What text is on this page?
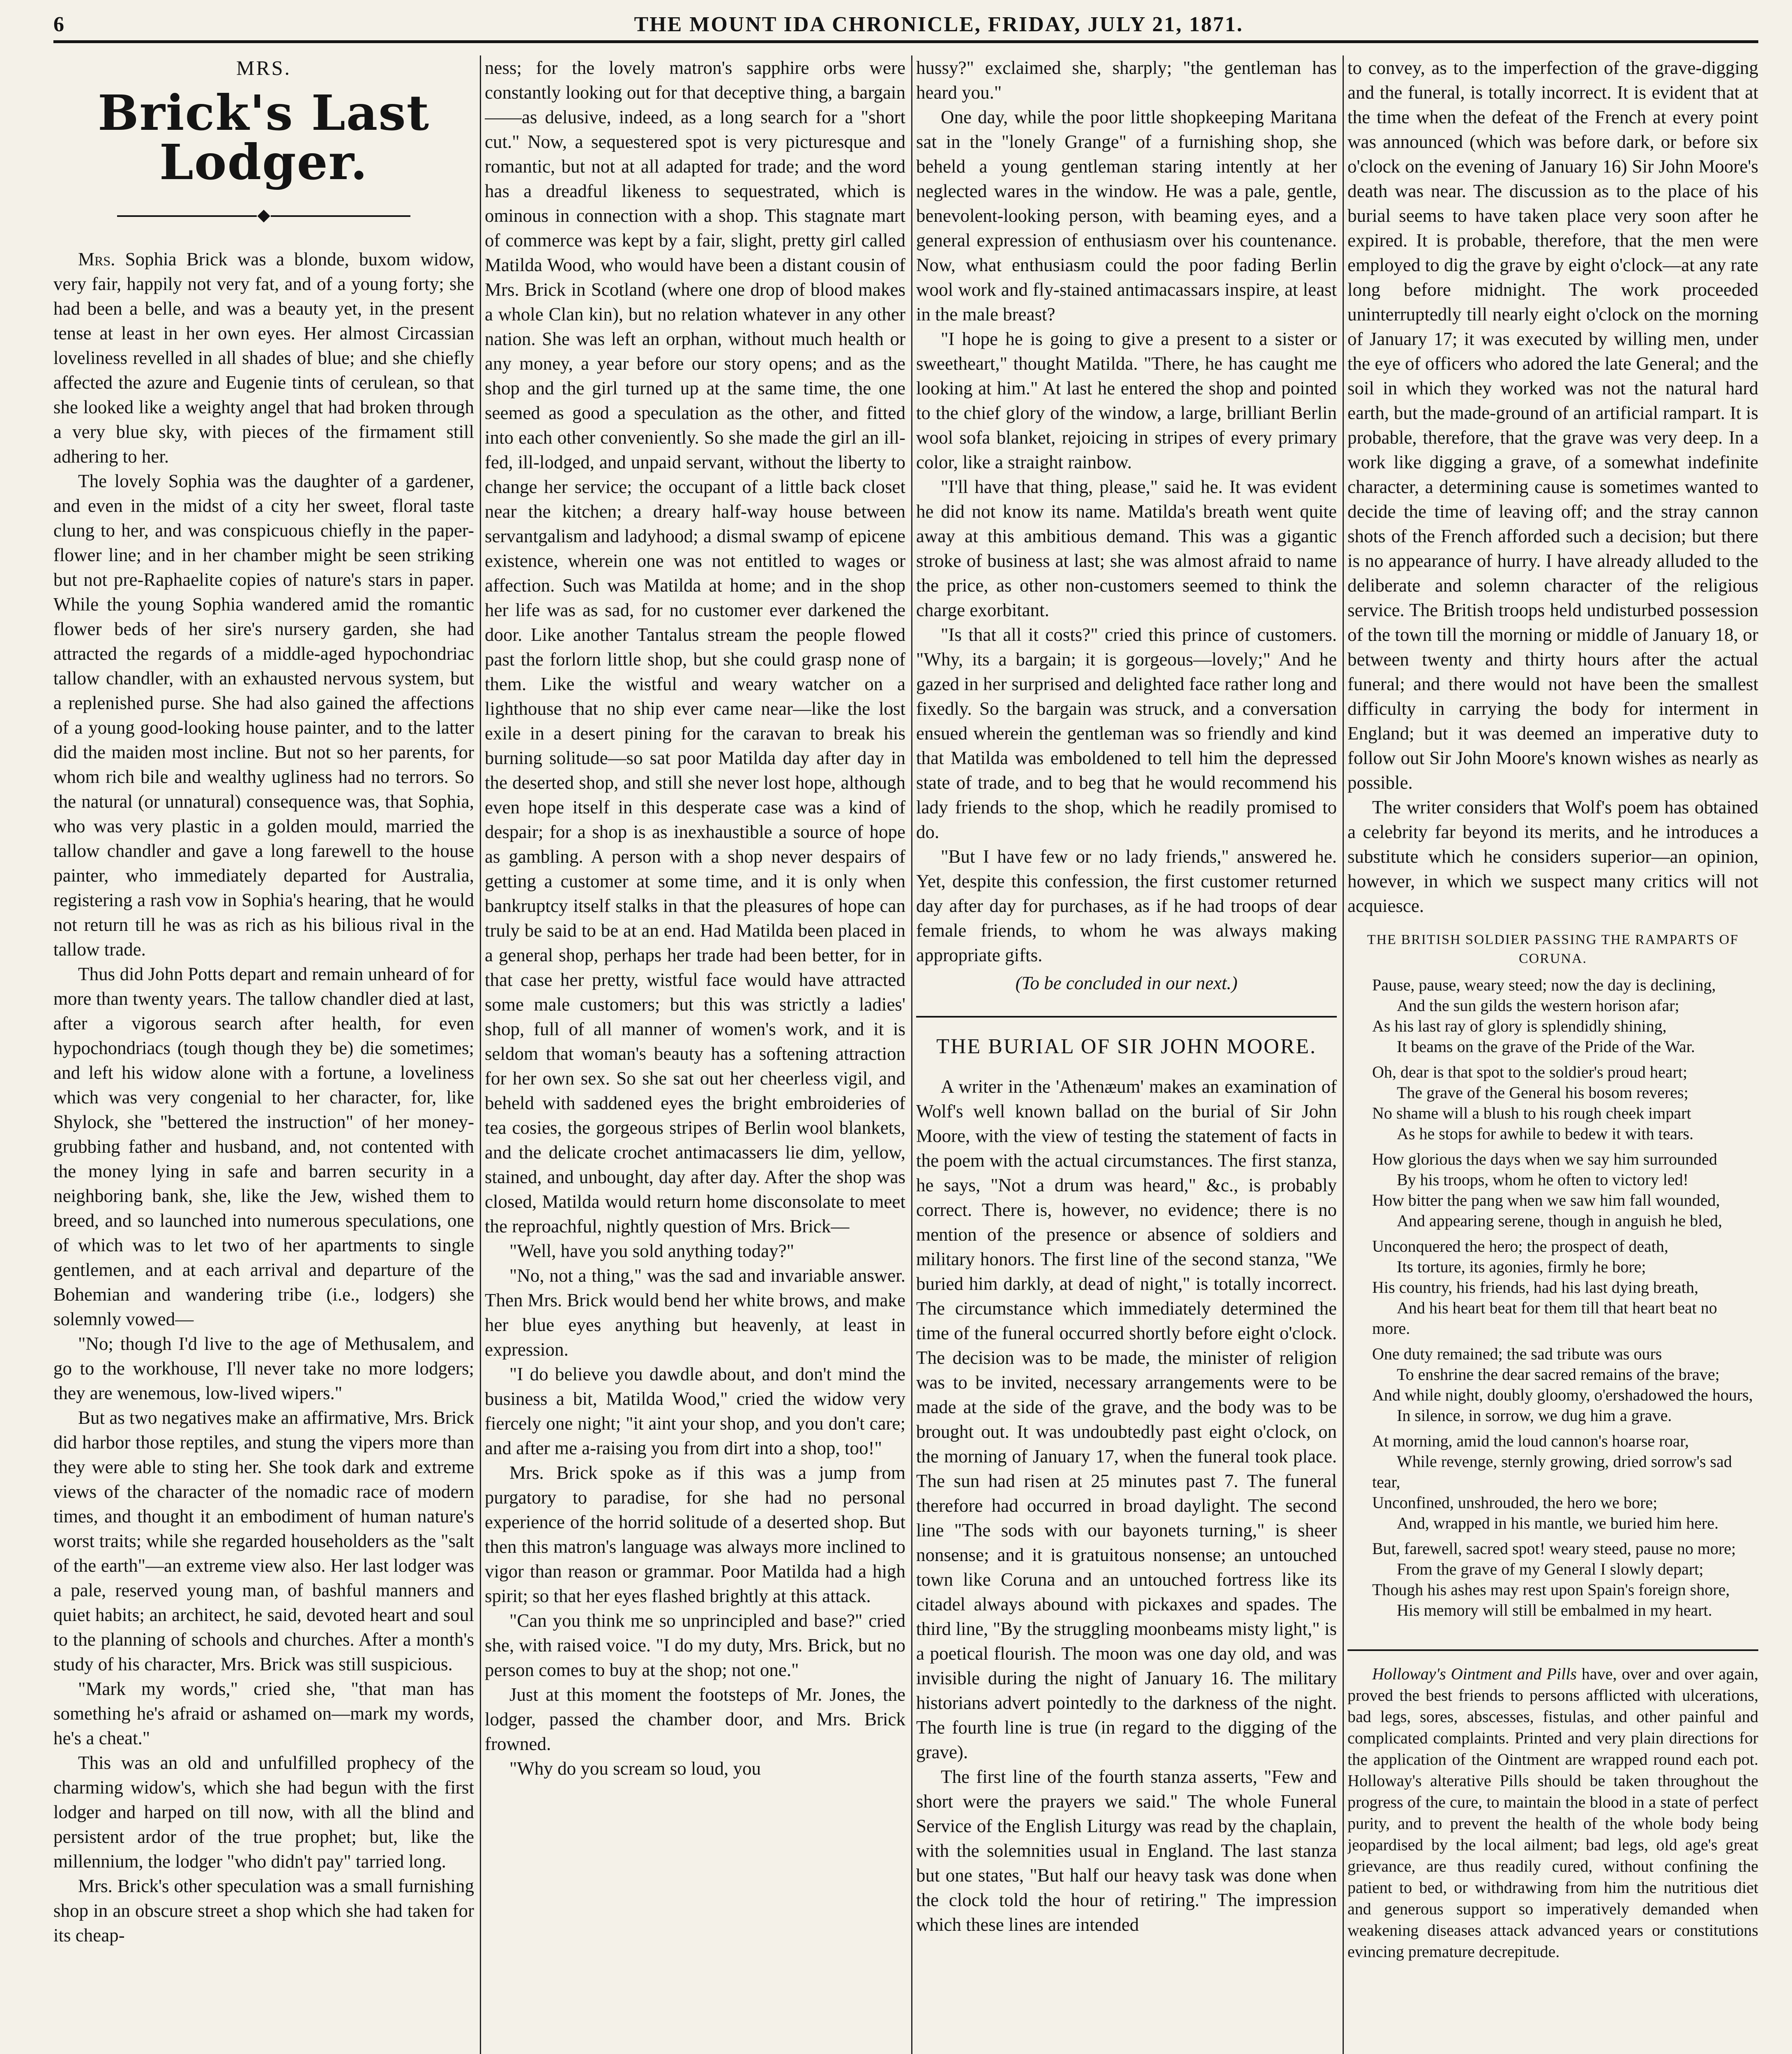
6	THE MOUNT IDA CHRONICLE, FRIDAY, JULY 21, 1871.
MRS.
Brick's Last Lodger.

Mrs. Sophia Brick was a blonde, buxom widow, very fair, happily not very fat, and of a young forty; she had been a belle, and was a beauty yet, in the present tense at least in her own eyes. Her almost Circassian loveliness revelled in all shades of blue; and she chiefly affected the azure and Eugenie tints of cerulean, so that she looked like a weighty angel that had broken through a very blue sky, with pieces of the firmament still adhering to her.

The lovely Sophia was the daughter of a gardener, and even in the midst of a city her sweet, floral taste clung to her, and was conspicuous chiefly in the paper-flower line; and in her chamber might be seen striking but not pre-Raphaelite copies of nature's stars in paper. While the young Sophia wandered amid the romantic flower beds of her sire's nursery garden, she had attracted the regards of a middle-aged hypochondriac tallow chandler, with an exhausted nervous system, but a replenished purse. She had also gained the affections of a young good-looking house painter, and to the latter did the maiden most incline. But not so her parents, for whom rich bile and wealthy ugliness had no terrors. So the natural (or unnatural) consequence was, that Sophia, who was very plastic in a golden mould, married the tallow chandler and gave a long farewell to the house painter, who immediately departed for Australia, registering a rash vow in Sophia's hearing, that he would not return till he was as rich as his bilious rival in the tallow trade.

Thus did John Potts depart and remain unheard of for more than twenty years. The tallow chandler died at last, after a vigorous search after health, for even hypochondriacs (tough though they be) die sometimes; and left his widow alone with a fortune, a loveliness which was very congenial to her character, for, like Shylock, she "bettered the instruction" of her money-grubbing father and husband, and, not contented with the money lying in safe and barren security in a neighboring bank, she, like the Jew, wished them to breed, and so launched into numerous speculations, one of which was to let two of her apartments to single gentlemen, and at each arrival and departure of the Bohemian and wandering tribe (i.e., lodgers) she solemnly vowed—

"No; though I'd live to the age of Methusalem, and go to the workhouse, I'll never take no more lodgers; they are wenemous, low-lived wipers."

But as two negatives make an affirmative, Mrs. Brick did harbor those reptiles, and stung the vipers more than they were able to sting her. She took dark and extreme views of the character of the nomadic race of modern times, and thought it an embodiment of human nature's worst traits; while she regarded householders as the "salt of the earth"—an extreme view also. Her last lodger was a pale, reserved young man, of bashful manners and quiet habits; an architect, he said, devoted heart and soul to the planning of schools and churches. After a month's study of his character, Mrs. Brick was still suspicious.

"Mark my words," cried she, "that man has something he's afraid or ashamed on—mark my words, he's a cheat."

This was an old and unfulfilled prophecy of the charming widow's, which she had begun with the first lodger and harped on till now, with all the blind and persistent ardor of the true prophet; but, like the millennium, the lodger "who didn't pay" tarried long.

Mrs. Brick's other speculation was a small furnishing shop in an obscure street a shop which she had taken for its cheap-

ness; for the lovely matron's sapphire orbs were constantly looking out for that deceptive thing, a bargain——as delusive, indeed, as a long search for a "short cut." Now, a sequestered spot is very picturesque and romantic, but not at all adapted for trade; and the word has a dreadful likeness to sequestrated, which is ominous in connection with a shop. This stagnate mart of commerce was kept by a fair, slight, pretty girl called Matilda Wood, who would have been a distant cousin of Mrs. Brick in Scotland (where one drop of blood makes a whole Clan kin), but no relation whatever in any other nation. She was left an orphan, without much health or any money, a year before our story opens; and as the shop and the girl turned up at the same time, the one seemed as good a speculation as the other, and fitted into each other conveniently. So she made the girl an ill-fed, ill-lodged, and unpaid servant, without the liberty to change her service; the occupant of a little back closet near the kitchen; a dreary half-way house between servantgalism and ladyhood; a dismal swamp of epicene existence, wherein one was not entitled to wages or affection. Such was Matilda at home; and in the shop her life was as sad, for no customer ever darkened the door. Like another Tantalus stream the people flowed past the forlorn little shop, but she could grasp none of them. Like the wistful and weary watcher on a lighthouse that no ship ever came near—like the lost exile in a desert pining for the caravan to break his burning solitude—so sat poor Matilda day after day in the deserted shop, and still she never lost hope, although even hope itself in this desperate case was a kind of despair; for a shop is as inexhaustible a source of hope as gambling. A person with a shop never despairs of getting a customer at some time, and it is only when bankruptcy itself stalks in that the pleasures of hope can truly be said to be at an end. Had Matilda been placed in a general shop, perhaps her trade had been better, for in that case her pretty, wistful face would have attracted some male customers; but this was strictly a ladies' shop, full of all manner of women's work, and it is seldom that woman's beauty has a softening attraction for her own sex. So she sat out her cheerless vigil, and beheld with saddened eyes the bright embroideries of tea cosies, the gorgeous stripes of Berlin wool blankets, and the delicate crochet antimacassers lie dim, yellow, stained, and unbought, day after day. After the shop was closed, Matilda would return home disconsolate to meet the reproachful, nightly question of Mrs. Brick—

"Well, have you sold anything today?"

"No, not a thing," was the sad and invariable answer. Then Mrs. Brick would bend her white brows, and make her blue eyes anything but heavenly, at least in expression.

"I do believe you dawdle about, and don't mind the business a bit, Matilda Wood," cried the widow very fiercely one night; "it aint your shop, and you don't care; and after me a-raising you from dirt into a shop, too!"

Mrs. Brick spoke as if this was a jump from purgatory to paradise, for she had no personal experience of the horrid solitude of a deserted shop. But then this matron's language was always more inclined to vigor than reason or grammar. Poor Matilda had a high spirit; so that her eyes flashed brightly at this attack.

"Can you think me so unprincipled and base?" cried she, with raised voice. "I do my duty, Mrs. Brick, but no person comes to buy at the shop; not one."

Just at this moment the footsteps of Mr. Jones, the lodger, passed the chamber door, and Mrs. Brick frowned.

"Why do you scream so loud, you

hussy?" exclaimed she, sharply; "the gentleman has heard you."

One day, while the poor little shopkeeping Maritana sat in the "lonely Grange" of a furnishing shop, she beheld a young gentleman staring intently at her neglected wares in the window. He was a pale, gentle, benevolent-looking person, with beaming eyes, and a general expression of enthusiasm over his countenance. Now, what enthusiasm could the poor fading Berlin wool work and fly-stained antimacassars inspire, at least in the male breast?

"I hope he is going to give a present to a sister or sweetheart," thought Matilda. "There, he has caught me looking at him." At last he entered the shop and pointed to the chief glory of the window, a large, brilliant Berlin wool sofa blanket, rejoicing in stripes of every primary color, like a straight rainbow.

"I'll have that thing, please," said he. It was evident he did not know its name. Matilda's breath went quite away at this ambitious demand. This was a gigantic stroke of business at last; she was almost afraid to name the price, as other non-customers seemed to think the charge exorbitant.

"Is that all it costs?" cried this prince of customers. "Why, its a bargain; it is gorgeous—lovely;" And he gazed in her surprised and delighted face rather long and fixedly. So the bargain was struck, and a conversation ensued wherein the gentleman was so friendly and kind that Matilda was emboldened to tell him the depressed state of trade, and to beg that he would recommend his lady friends to the shop, which he readily promised to do.

"But I have few or no lady friends," answered he. Yet, despite this confession, the first customer returned day after day for purchases, as if he had troops of dear female friends, to whom he was always making appropriate gifts.

(To be concluded in our next.)

THE BURIAL OF SIR JOHN MOORE.

A writer in the 'Athenæum' makes an examination of Wolf's well known ballad on the burial of Sir John Moore, with the view of testing the statement of facts in the poem with the actual circumstances. The first stanza, he says, "Not a drum was heard," &c., is probably correct. There is, however, no evidence; there is no mention of the presence or absence of soldiers and military honors. The first line of the second stanza, "We buried him darkly, at dead of night," is totally incorrect. The circumstance which immediately determined the time of the funeral occurred shortly before eight o'clock. The decision was to be made, the minister of religion was to be invited, necessary arrangements were to be made at the side of the grave, and the body was to be brought out. It was undoubtedly past eight o'clock, on the morning of January 17, when the funeral took place. The sun had risen at 25 minutes past 7. The funeral therefore had occurred in broad daylight. The second line "The sods with our bayonets turning," is sheer nonsense; and it is gratuitous nonsense; an untouched town like Coruna and an untouched fortress like its citadel always abound with pickaxes and spades. The third line, "By the struggling moonbeams misty light," is a poetical flourish. The moon was one day old, and was invisible during the night of January 16. The military historians advert pointedly to the darkness of the night. The fourth line is true (in regard to the digging of the grave).

The first line of the fourth stanza asserts, "Few and short were the prayers we said." The whole Funeral Service of the English Liturgy was read by the chaplain, with the solemnities usual in England. The last stanza but one states, "But half our heavy task was done when the clock told the hour of retiring." The impression which these lines are intended

to convey, as to the imperfection of the grave-digging and the funeral, is totally incorrect. It is evident that at the time when the defeat of the French at every point was announced (which was before dark, or before six o'clock on the evening of January 16) Sir John Moore's death was near. The discussion as to the place of his burial seems to have taken place very soon after he expired. It is probable, therefore, that the men were employed to dig the grave by eight o'clock—at any rate long before midnight. The work proceeded uninterruptedly till nearly eight o'clock on the morning of January 17; it was executed by willing men, under the eye of officers who adored the late General; and the soil in which they worked was not the natural hard earth, but the made-ground of an artificial rampart. It is probable, therefore, that the grave was very deep. In a work like digging a grave, of a somewhat indefinite character, a determining cause is sometimes wanted to decide the time of leaving off; and the stray cannon shots of the French afforded such a decision; but there is no appearance of hurry. I have already alluded to the deliberate and solemn character of the religious service. The British troops held undisturbed possession of the town till the morning or middle of January 18, or between twenty and thirty hours after the actual funeral; and there would not have been the smallest difficulty in carrying the body for interment in England; but it was deemed an imperative duty to follow out Sir John Moore's known wishes as nearly as possible.

The writer considers that Wolf's poem has obtained a celebrity far beyond its merits, and he introduces a substitute which he considers superior—an opinion, however, in which we suspect many critics will not acquiesce.

THE BRITISH SOLDIER PASSING THE RAMPARTS OF CORUNA.

Pause, pause, weary steed; now the day is declining,

And the sun gilds the western horison afar;

As his last ray of glory is splendidly shining,

It beams on the grave of the Pride of the War.

Oh, dear is that spot to the soldier's proud heart;

The grave of the General his bosom reveres;

No shame will a blush to his rough cheek impart

As he stops for awhile to bedew it with tears.

How glorious the days when we say him surrounded

By his troops, whom he often to victory led!

How bitter the pang when we saw him fall wounded,

And appearing serene, though in anguish he bled,

Unconquered the hero; the prospect of death,

Its torture, its agonies, firmly he bore;

His country, his friends, had his last dying breath,

And his heart beat for them till that heart beat no more.

One duty remained; the sad tribute was ours

To enshrine the dear sacred remains of the brave;

And while night, doubly gloomy, o'ershadowed the hours,

In silence, in sorrow, we dug him a grave.

At morning, amid the loud cannon's hoarse roar,

While revenge, sternly growing, dried sorrow's sad tear,

Unconfined, unshrouded, the hero we bore;

And, wrapped in his mantle, we buried him here.

But, farewell, sacred spot! weary steed, pause no more;

From the grave of my General I slowly depart;

Though his ashes may rest upon Spain's foreign shore,

His memory will still be embalmed in my heart.

Holloway's Ointment and Pills have, over and over again, proved the best friends to persons afflicted with ulcerations, bad legs, sores, abscesses, fistulas, and other painful and complicated complaints. Printed and very plain directions for the application of the Ointment are wrapped round each pot. Holloway's alterative Pills should be taken throughout the progress of the cure, to maintain the blood in a state of perfect purity, and to prevent the health of the whole body being jeopardised by the local ailment; bad legs, old age's great grievance, are thus readily cured, without confining the patient to bed, or withdrawing from him the nutritious diet and generous support so imperatively demanded when weakening diseases attack advanced years or constitutions evincing premature decrepitude.
